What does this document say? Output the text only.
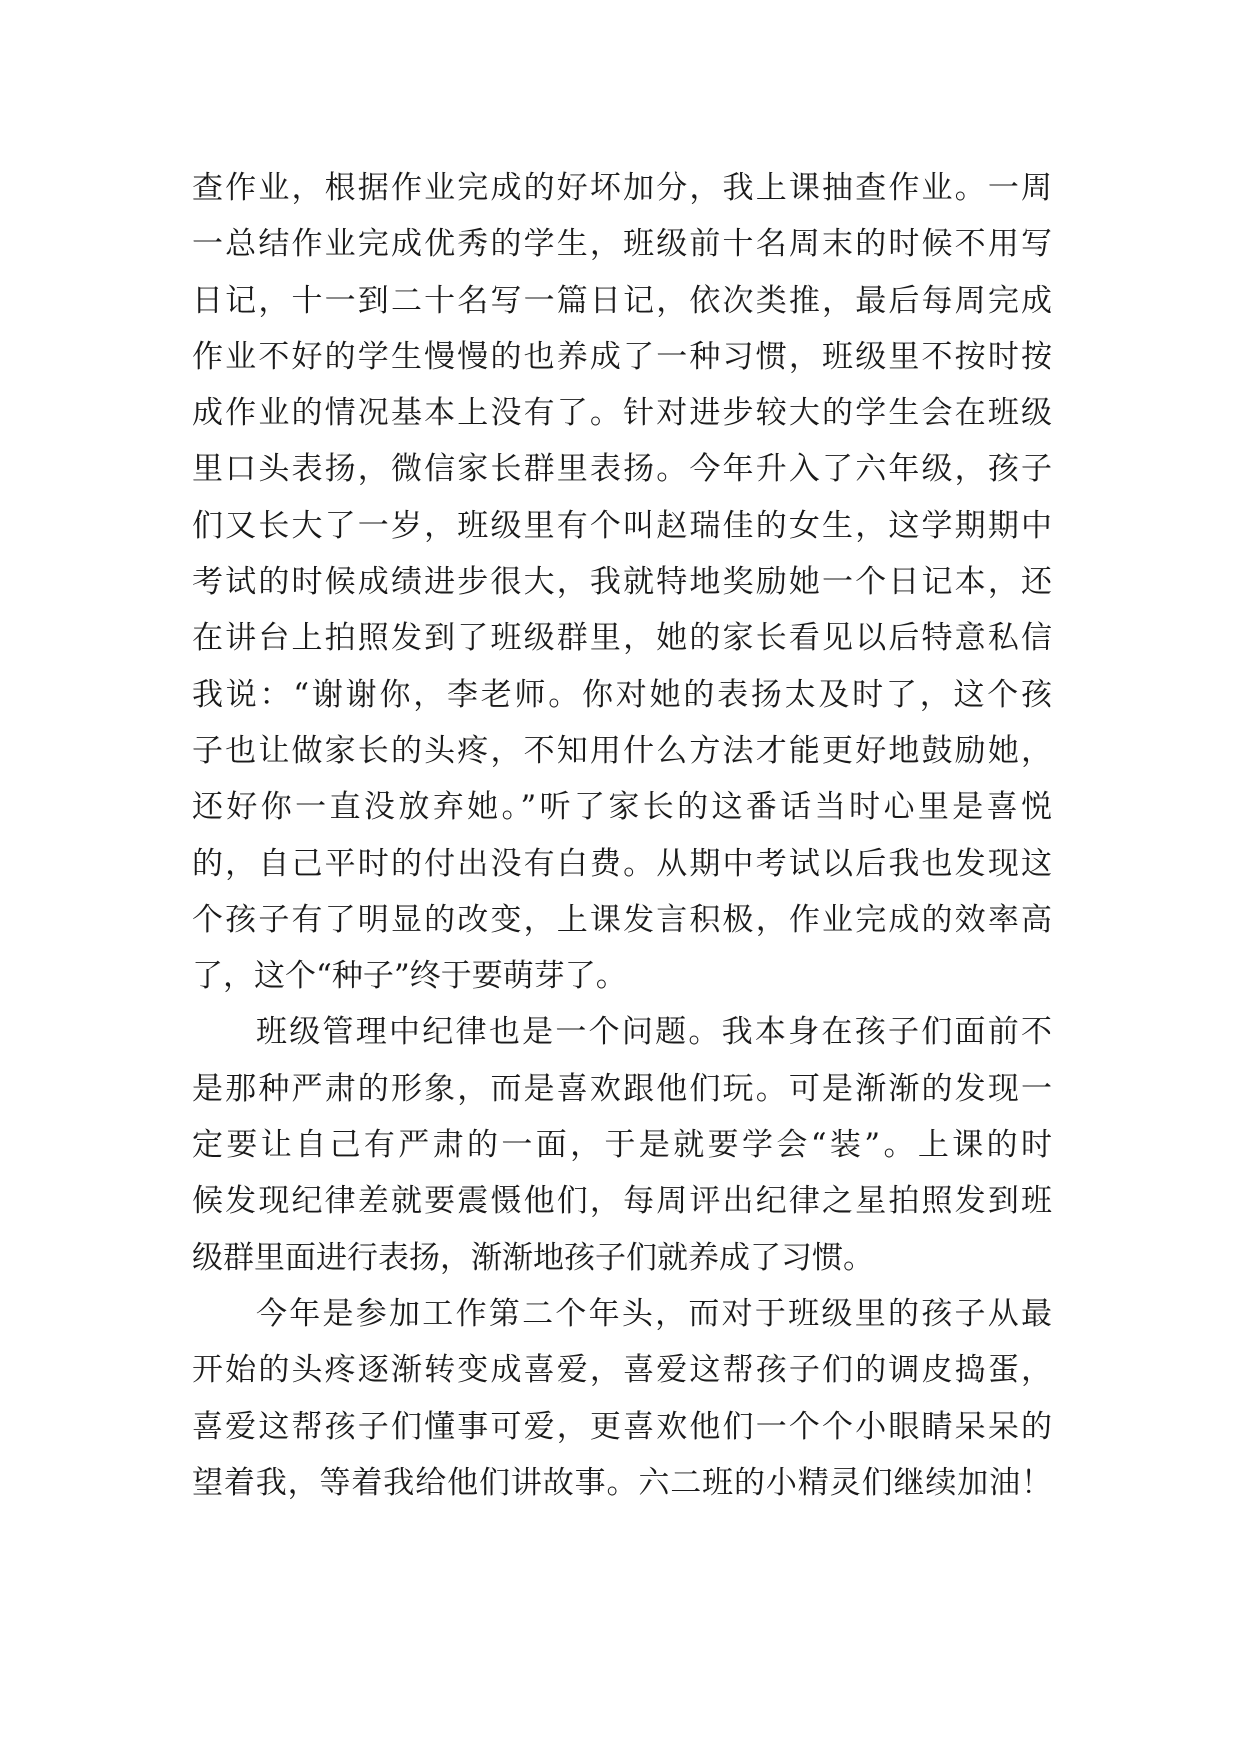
查作业，根据作业完成的好坏加分，我上课抽查作业。一周
一总结作业完成优秀的学生，班级前十名周末的时候不用写
日记，十一到二十名写一篇日记，依次类推，最后每周完成
作业不好的学生慢慢的也养成了一种习惯，班级里不按时按
成作业的情况基本上没有了。针对进步较大的学生会在班级
里口头表扬，微信家长群里表扬。今年升入了六年级，孩子
们又长大了一岁，班级里有个叫赵瑞佳的女生，这学期期中
考试的时候成绩进步很大，我就特地奖励她一个日记本，还
在讲台上拍照发到了班级群里，她的家长看见以后特意私信
我说：“谢谢你，李老师。你对她的表扬太及时了，这个孩
子也让做家长的头疼，不知用什么方法才能更好地鼓励她，
还好你一直没放弃她。”听了家长的这番话当时心里是喜悦
的，自己平时的付出没有白费。从期中考试以后我也发现这
个孩子有了明显的改变，上课发言积极，作业完成的效率高
了，这个“种子”终于要萌芽了。
班级管理中纪律也是一个问题。我本身在孩子们面前不
是那种严肃的形象，而是喜欢跟他们玩。可是渐渐的发现一
定要让自己有严肃的一面，于是就要学会“装”。上课的时
候发现纪律差就要震慑他们，每周评出纪律之星拍照发到班
级群里面进行表扬，渐渐地孩子们就养成了习惯。
今年是参加工作第二个年头，而对于班级里的孩子从最
开始的头疼逐渐转变成喜爱，喜爱这帮孩子们的调皮捣蛋，
喜爱这帮孩子们懂事可爱，更喜欢他们一个个小眼睛呆呆的
望着我，等着我给他们讲故事。六二班的小精灵们继续加油！
